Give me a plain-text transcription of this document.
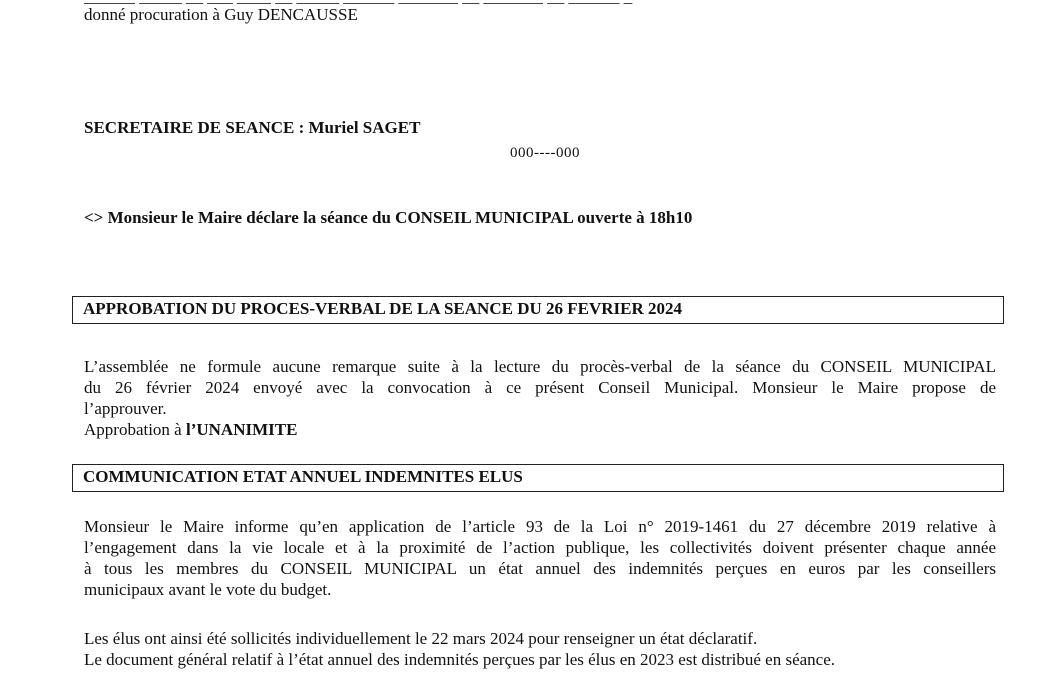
donné procuration à Guy DENCAUSSE
SECRETAIRE DE SEANCE : Muriel SAGET
000----000
<> Monsieur le Maire déclare la séance du CONSEIL MUNICIPAL ouverte à 18h10
APPROBATION DU PROCES-VERBAL DE LA SEANCE DU 26 FEVRIER 2024
L’assemblée ne formule aucune remarque suite à la lecture du procès-verbal de la séance du CONSEIL MUNICIPAL
du 26 février 2024 envoyé avec la convocation à ce présent Conseil Municipal. Monsieur le Maire propose de
l’approuver.
Approbation à l’UNANIMITE
COMMUNICATION ETAT ANNUEL INDEMNITES ELUS
Monsieur le Maire informe qu’en application de l’article 93 de la Loi n° 2019-1461 du 27 décembre 2019 relative à
l’engagement dans la vie locale et à la proximité de l’action publique, les collectivités doivent présenter chaque année
à tous les membres du CONSEIL MUNICIPAL un état annuel des indemnités perçues en euros par les conseillers
municipaux avant le vote du budget.
Les élus ont ainsi été sollicités individuellement le 22 mars 2024 pour renseigner un état déclaratif.
Le document général relatif à l’état annuel des indemnités perçues par les élus en 2023 est distribué en séance.
